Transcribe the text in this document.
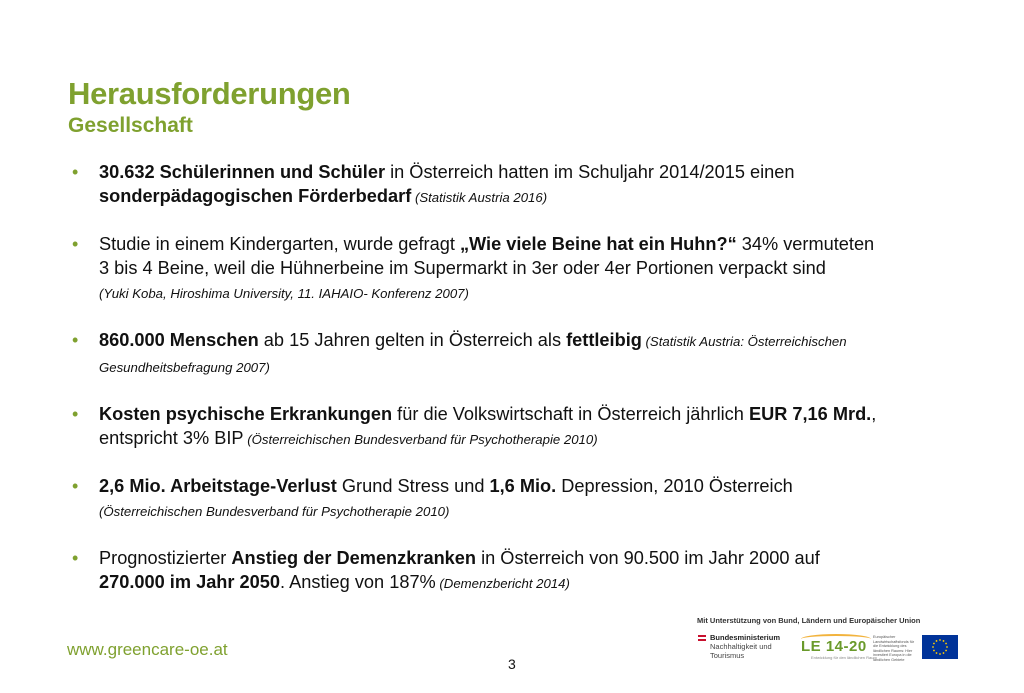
Herausforderungen
Gesellschaft
• 30.632 Schülerinnen und Schüler in Österreich hatten im Schuljahr 2014/2015 einen
sonderpädagogischen Förderbedarf (Statistik Austria 2016)
• Studie in einem Kindergarten, wurde gefragt „Wie viele Beine hat ein Huhn?“ 34% vermuteten
3 bis 4 Beine, weil die Hühnerbeine im Supermarkt in 3er oder 4er Portionen verpackt sind
(Yuki Koba, Hiroshima University, 11. IAHAIO- Konferenz 2007)
• 860.000 Menschen ab 15 Jahren gelten in Österreich als fettleibig (Statistik Austria: Österreichischen
Gesundheitsbefragung 2007)
• Kosten psychische Erkrankungen für die Volkswirtschaft in Österreich jährlich EUR 7,16 Mrd.,
entspricht 3% BIP (Österreichischen Bundesverband für Psychotherapie 2010)
• 2,6 Mio. Arbeitstage-Verlust Grund Stress und 1,6 Mio. Depression, 2010 Österreich
(Österreichischen Bundesverband für Psychotherapie 2010)
• Prognostizierter Anstieg der Demenzkranken in Österreich von 90.500 im Jahr 2000 auf
270.000 im Jahr 2050. Anstieg von 187% (Demenzbericht 2014)
www.greencare-oe.at
3
Mit Unterstützung von Bund, Ländern und Europäischer Union
Bundesministerium
Nachhaltigkeit und
Tourismus
LE 14-20
Entwicklung für den ländlichen Raum
Europäischer Landwirtschaftsfonds für die Entwicklung des ländlichen Raums: Hier investiert Europa in die ländlichen Gebiete
